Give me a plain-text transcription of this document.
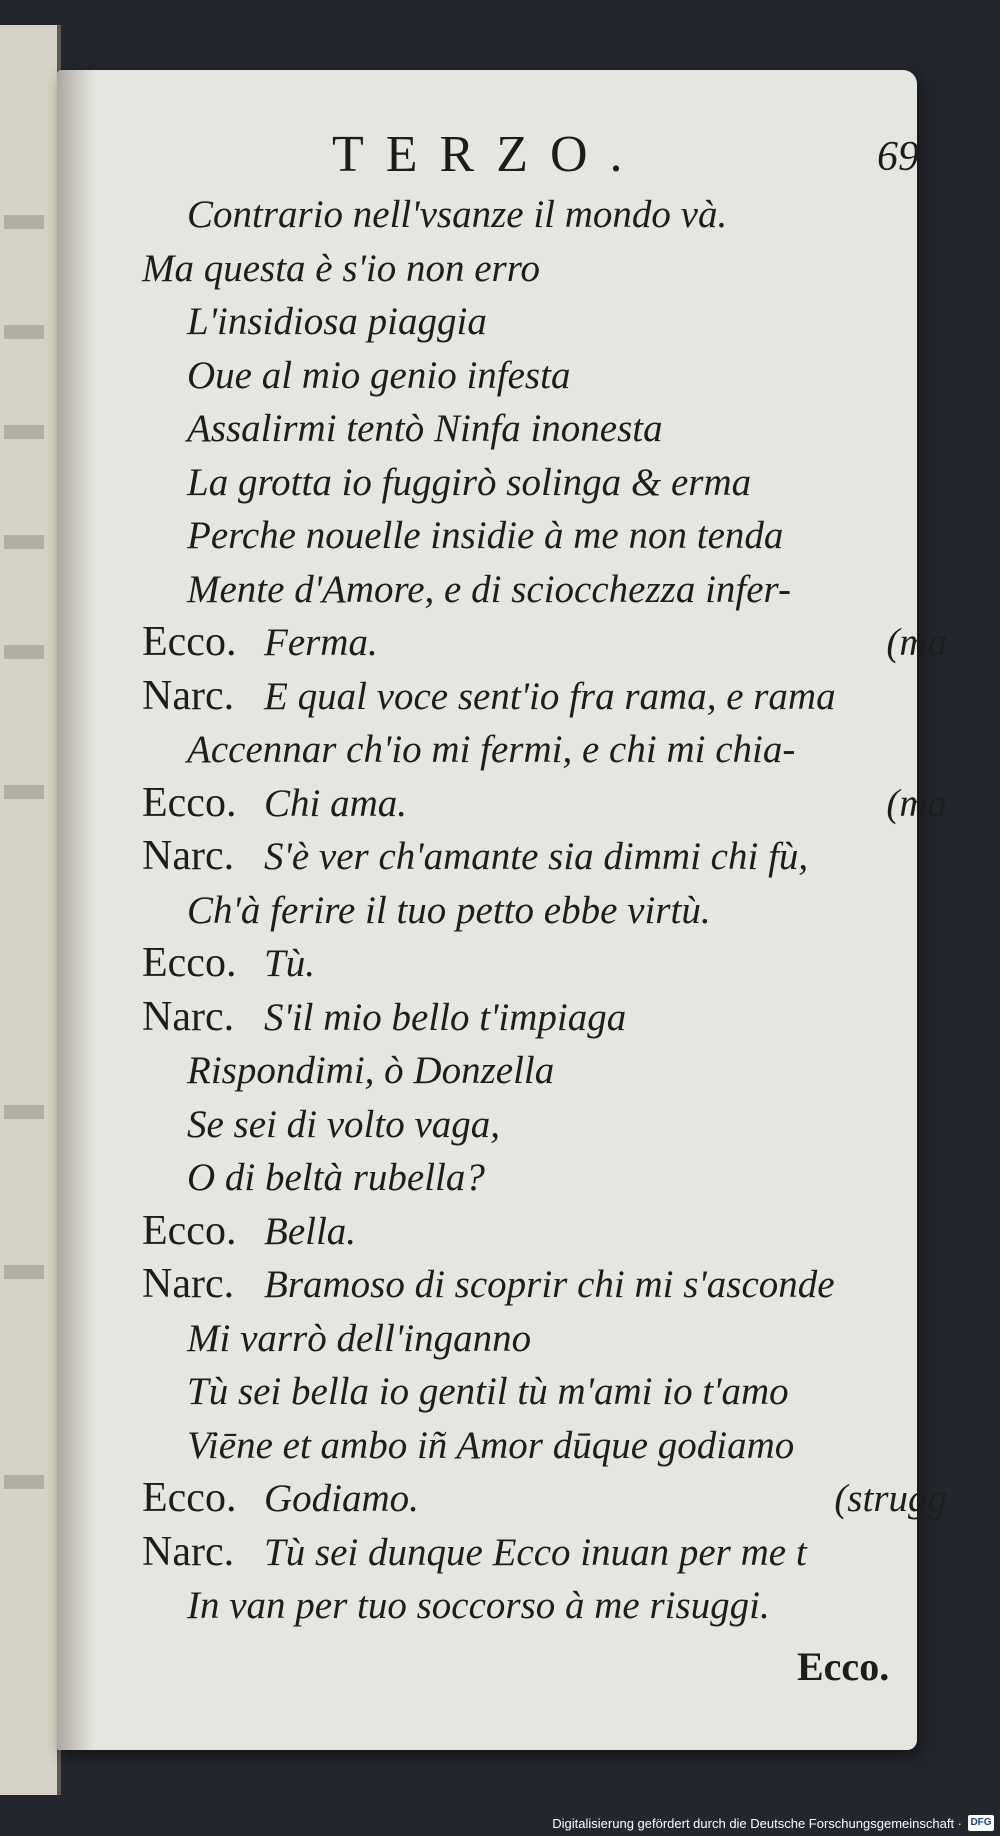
TERZO.	69
Contrario nell'vsanze il mondo và.
Ma questa è s'io non erro
L'insidiosa piaggia
Oue al mio genio infesta
Assalirmi tentò Ninfa inonesta
La grotta io fuggirò solinga & erma
Perche nouelle insidie à me non tenda
Mente d'Amore, e di sciocchezza infer-
Ecco. Ferma.	(ma
Narc. E qual voce sent'io fra rama, e rama
Accennar ch'io mi fermi, e chi mi chia-
Ecco. Chi ama.	(ma
Narc. S'è ver ch'amante sia dimmi chi fù,
Ch'à ferire il tuo petto ebbe virtù.
Ecco. Tù.
Narc. S'il mio bello t'impiaga
Rispondimi, ò Donzella
Se sei di volto vaga,
O di beltà rubella?
Ecco. Bella.
Narc. Bramoso di scoprir chi mi s'asconde
Mi varrò dell'inganno
Tù sei bella io gentil tù m'ami io t'amo
Viēne et ambo iñ Amor dūque godiamo
Ecco. Godiamo.	(strugg
Narc. Tù sei dunque Ecco inuan per me t
In van per tuo soccorso à me risuggi.
Ecco.
Digitalisierung gefördert durch die Deutsche Forschungsgemeinschaft · DFG
